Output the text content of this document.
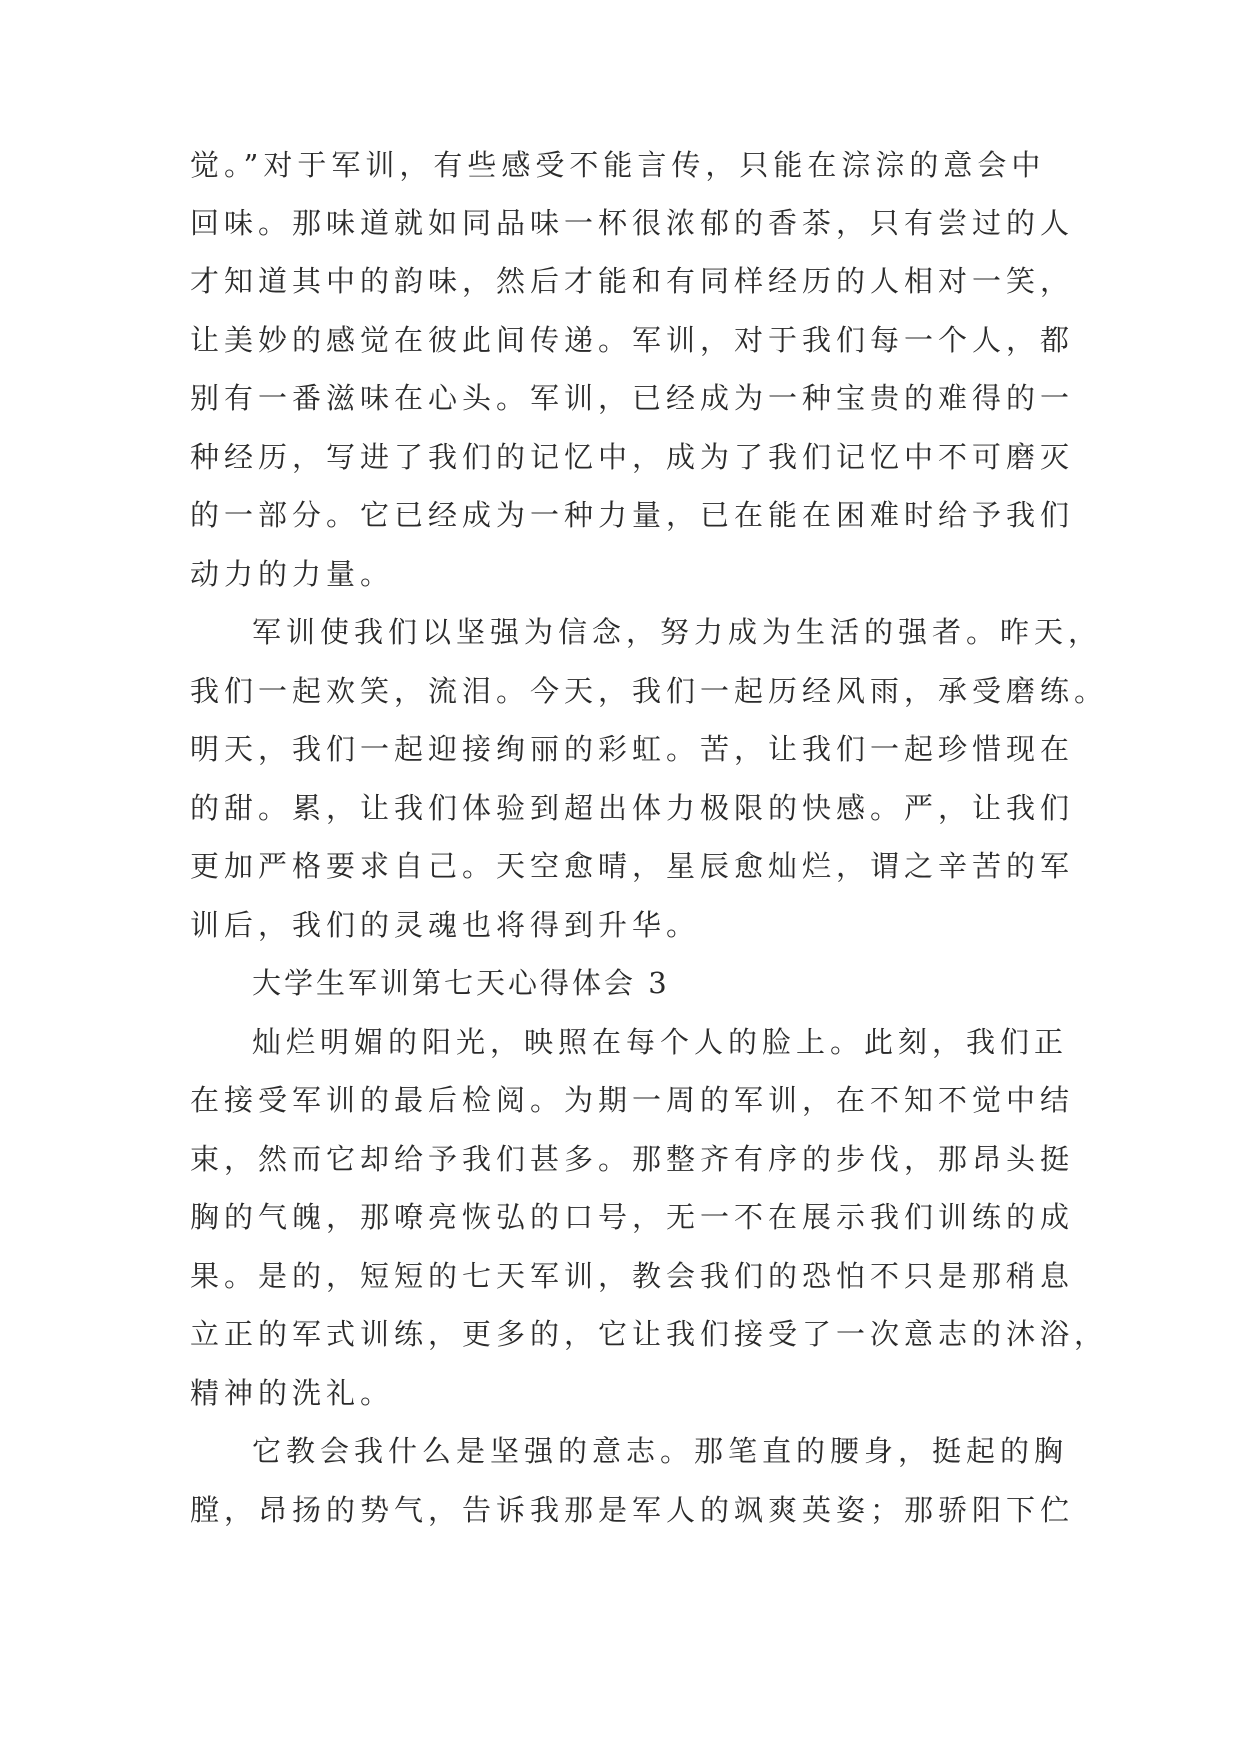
觉。”对于军训，有些感受不能言传，只能在淙淙的意会中
回味。那味道就如同品味一杯很浓郁的香茶，只有尝过的人
才知道其中的韵味，然后才能和有同样经历的人相对一笑，
让美妙的感觉在彼此间传递。军训，对于我们每一个人，都
别有一番滋味在心头。军训，已经成为一种宝贵的难得的一
种经历，写进了我们的记忆中，成为了我们记忆中不可磨灭
的一部分。它已经成为一种力量，已在能在困难时给予我们
动力的力量。
军训使我们以坚强为信念，努力成为生活的强者。昨天，
我们一起欢笑，流泪。今天，我们一起历经风雨，承受磨练。
明天，我们一起迎接绚丽的彩虹。苦，让我们一起珍惜现在
的甜。累，让我们体验到超出体力极限的快感。严，让我们
更加严格要求自己。天空愈晴，星辰愈灿烂，谓之辛苦的军
训后，我们的灵魂也将得到升华。
大学生军训第七天心得体会 3
灿烂明媚的阳光，映照在每个人的脸上。此刻，我们正
在接受军训的最后检阅。为期一周的军训，在不知不觉中结
束，然而它却给予我们甚多。那整齐有序的步伐，那昂头挺
胸的气魄，那嘹亮恢弘的口号，无一不在展示我们训练的成
果。是的，短短的七天军训，教会我们的恐怕不只是那稍息
立正的军式训练，更多的，它让我们接受了一次意志的沐浴，
精神的洗礼。
它教会我什么是坚强的意志。那笔直的腰身，挺起的胸
膛，昂扬的势气，告诉我那是军人的飒爽英姿；那骄阳下伫
